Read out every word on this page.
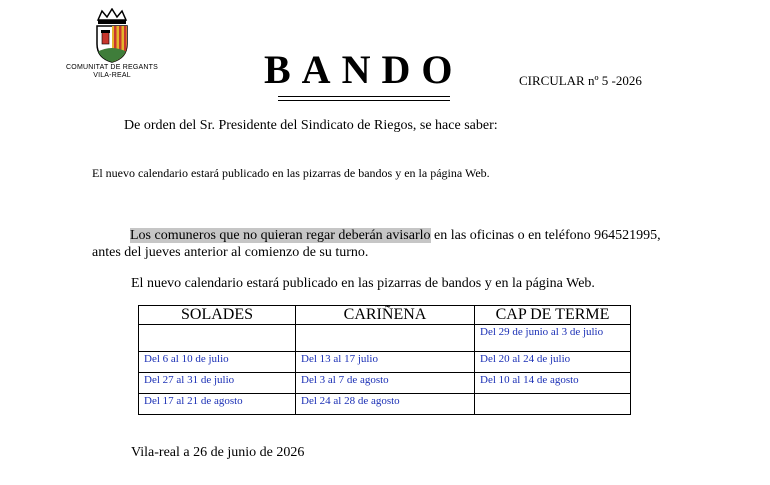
COMUNITAT DE REGANTS
VILA-REAL	BANDO	CIRCULAR nº 5 -2026
De orden del Sr. Presidente del Sindicato de Riegos, se hace saber:
El nuevo calendario estará publicado en las pizarras de bandos y en la página Web.
Los comuneros que no quieran regar deberán avisarlo en las oficinas o en teléfono 964521995, antes del jueves anterior al comienzo de su turno.
El nuevo calendario estará publicado en las pizarras de bandos y en la página Web.
SOLADES	CARIÑENA	CAP DE TERME
		Del 29 de junio al 3 de julio
Del 6 al 10 de julio	Del 13 al 17 julio	Del 20 al 24 de julio
Del 27 al 31 de julio	Del 3 al 7 de agosto	Del 10 al 14 de agosto
Del 17 al 21 de agosto	Del 24 al 28 de agosto	
Vila-real a 26 de junio de 2026
